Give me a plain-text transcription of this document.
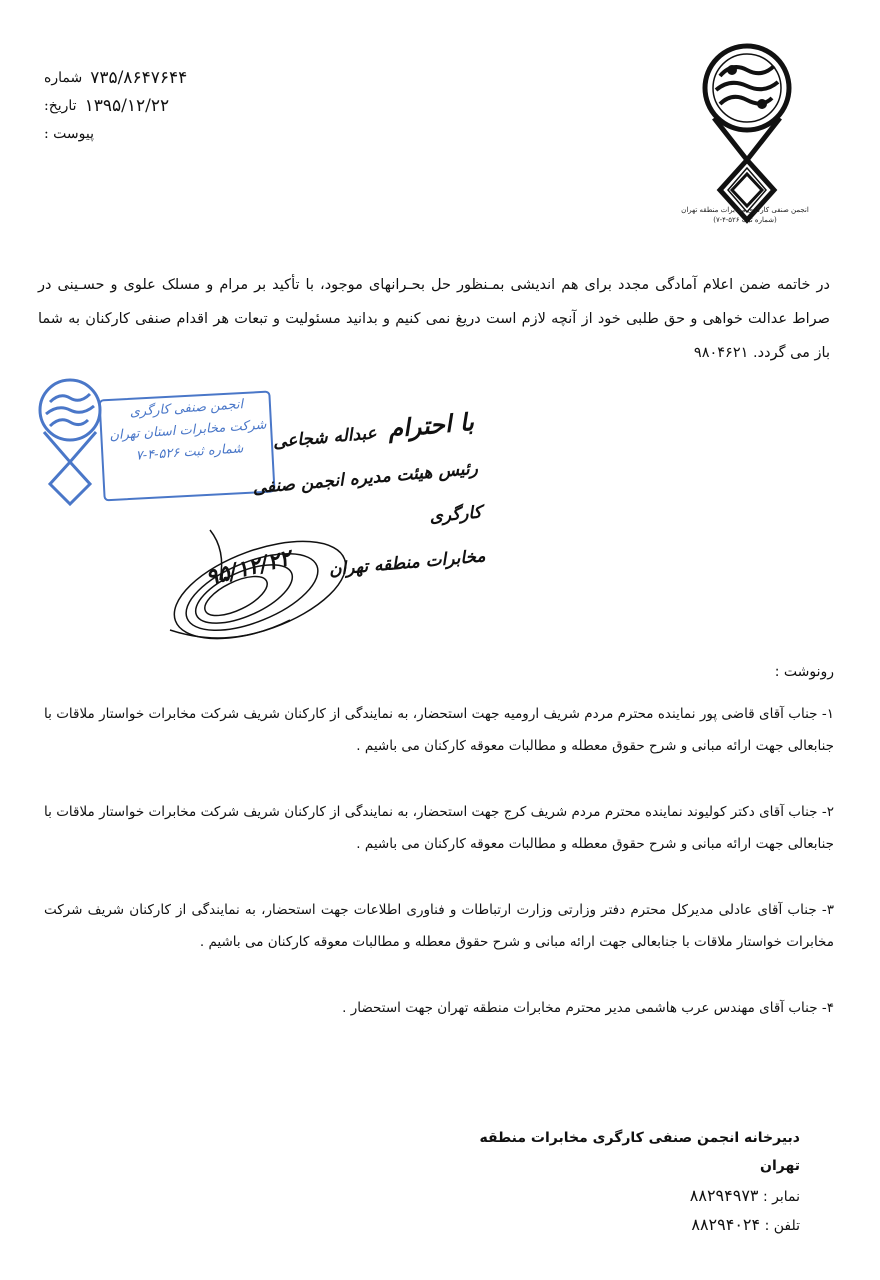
انجمن صنفی کارگری مخابرات منطقه تهران
(شماره ثبت ۵۲۶-۴-۷)
شماره ۷۳۵/۸۶۴۷۶۴۴
تاریخ: ۱۳۹۵/۱۲/۲۲
پیوست :
در خاتمه ضمن اعلام آمادگی مجدد برای هم اندیشی بمـنظور حل بحـرانهای موجود، با تأکید بر مرام و مسلک علوی و حسـینی در صراط عدالت خواهی و حق طلبی خود از آنچه لازم است دریغ نمی کنیم و بدانید مسئولیت و تبعات هر اقدام صنفی کارکنان به شما باز می گردد. ۹۸۰۴۶۲۱
انجمن صنفی کارگری
شرکت مخابرات استان تهران
شماره ثبت ۵۲۶-۴-۷
با احترام عبداله شجاعی
رئیس هیئت مدیره انجمن صنفی کارگری
مخابرات منطقه تهران
۹۵/۱۲/۲۲
رونوشت :
۱- جناب آقای قاضی پور نماینده محترم مردم شریف ارومیه جهت استحضار، به نمایندگی از کارکنان شریف شرکت مخابرات خواستار ملاقات با جنابعالی جهت ارائه مبانی و شرح حقوق معطله و مطالبات معوقه کارکنان می باشیم .
۲- جناب آقای دکتر کولیوند نماینده محترم مردم شریف کرج جهت استحضار، به نمایندگی از کارکنان شریف شرکت مخابرات خواستار ملاقات با جنابعالی جهت ارائه مبانی و شرح حقوق معطله و مطالبات معوقه کارکنان می باشیم .
۳- جناب آقای عادلی مدیرکل محترم دفتر وزارتی وزارت ارتباطات و فناوری اطلاعات جهت استحضار، به نمایندگی از کارکنان شریف شرکت مخابرات خواستار ملاقات با جنابعالی جهت ارائه مبانی و شرح حقوق معطله و مطالبات معوقه کارکنان می باشیم .
۴- جناب آقای مهندس عرب هاشمی مدیر محترم مخابرات منطقه تهران جهت استحضار .
دبیرخانه انجمن صنفی کارگری مخابرات منطقه تهران
نمابر : ۸۸۲۹۴۹۷۳
تلفن : ۸۸۲۹۴۰۲۴
